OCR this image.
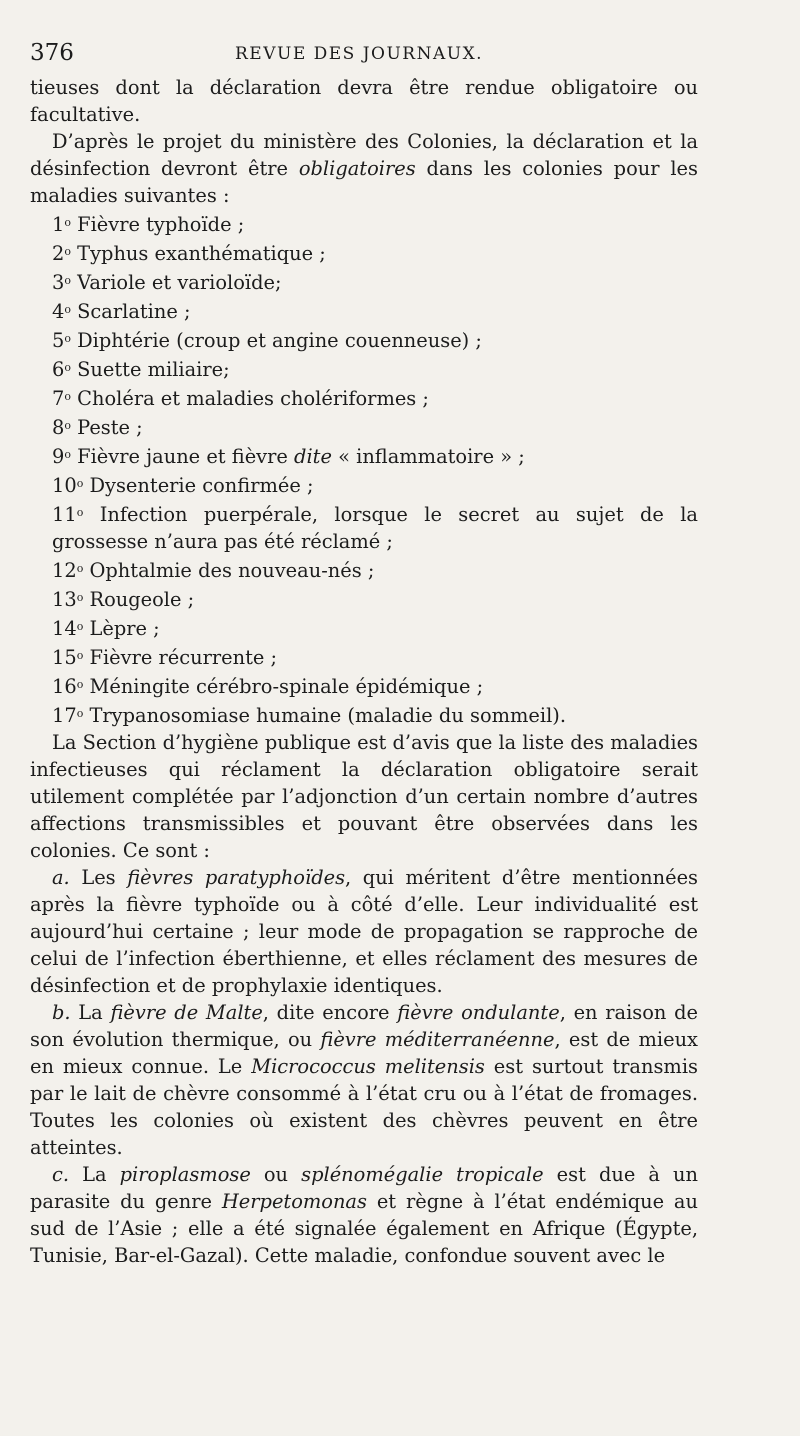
376	REVUE DES JOURNAUX.

tieuses dont la déclaration devra être rendue obligatoire ou facultative.

D’après le projet du ministère des Colonies, la déclaration et la désinfection devront être obligatoires dans les colonies pour les maladies suivantes :

1$^o$ Fièvre typhoïde ;
2$^o$ Typhus exanthématique ;
3$^o$ Variole et varioloïde;
4$^o$ Scarlatine ;
5$^o$ Diphtérie (croup et angine couenneuse) ;
6$^o$ Suette miliaire;
7$^o$ Choléra et maladies cholériformes ;
8$^o$ Peste ;
9$^o$ Fièvre jaune et fièvre dite « inflammatoire » ;
10$^o$ Dysenterie confirmée ;
11$^o$ Infection puerpérale, lorsque le secret au sujet de la grossesse n’aura pas été réclamé ;
12$^o$ Ophtalmie des nouveau-nés ;
13$^o$ Rougeole ;
14$^o$ Lèpre ;
15$^o$ Fièvre récurrente ;
16$^o$ Méningite cérébro-spinale épidémique ;
17$^o$ Trypanosomiase humaine (maladie du sommeil).

La Section d’hygiène publique est d’avis que la liste des maladies infectieuses qui réclament la déclaration obligatoire serait utilement complétée par l’adjonction d’un certain nombre d’autres affections transmissibles et pouvant être observées dans les colonies. Ce sont :

a. Les fièvres paratyphoïdes, qui méritent d’être mentionnées après la fièvre typhoïde ou à côté d’elle. Leur individualité est aujourd’hui certaine ; leur mode de propagation se rapproche de celui de l’infection éberthienne, et elles réclament des mesures de désinfection et de prophylaxie identiques.

b. La fièvre de Malte, dite encore fièvre ondulante, en raison de son évolution thermique, ou fièvre méditerranéenne, est de mieux en mieux connue. Le Micrococcus melitensis est surtout transmis par le lait de chèvre consommé à l’état cru ou à l’état de fromages. Toutes les colonies où existent des chèvres peuvent en être atteintes.

c. La piroplasmose ou splénomégalie tropicale est due à un parasite du genre Herpetomonas et règne à l’état endémique au sud de l’Asie ; elle a été signalée également en Afrique (Égypte, Tunisie, Bar-el-Gazal). Cette maladie, confondue souvent avec le
